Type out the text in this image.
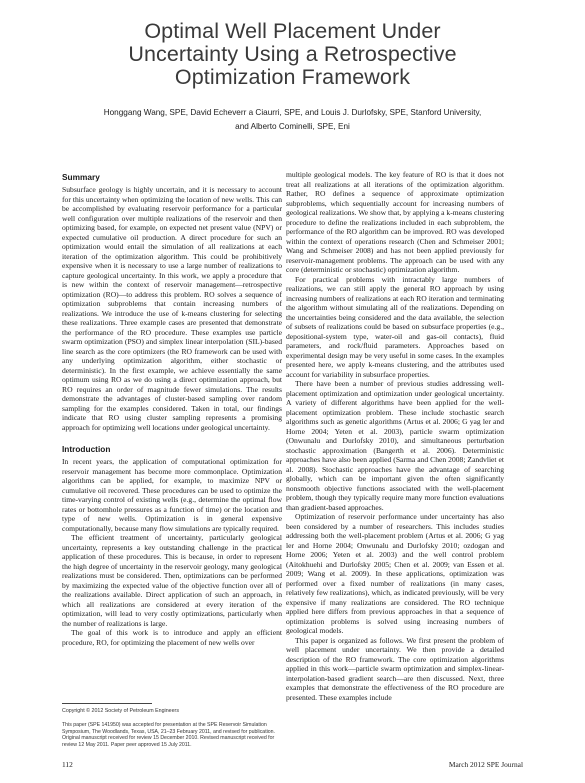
Optimal Well Placement Under
Uncertainty Using a Retrospective
Optimization Framework
Honggang Wang, SPE, David Echeverr a Ciaurri, SPE, and Louis J. Durlofsky, SPE, Stanford University,
and Alberto Cominelli, SPE, Eni
Summary

Subsurface geology is highly uncertain, and it is necessary to account for this uncertainty when optimizing the location of new wells. This can be accomplished by evaluating reservoir performance for a particular well configuration over multiple realizations of the reservoir and then optimizing based, for example, on expected net present value (NPV) or expected cumulative oil production. A direct procedure for such an optimization would entail the simulation of all realizations at each iteration of the optimization algorithm. This could be prohibitively expensive when it is necessary to use a large number of realizations to capture geological uncertainty. In this work, we apply a procedure that is new within the context of reservoir management—retrospective optimization (RO)—to address this problem. RO solves a sequence of optimization subproblems that contain increasing numbers of realizations. We introduce the use of k-means clustering for selecting these realizations. Three example cases are presented that demonstrate the performance of the RO procedure. These examples use particle swarm optimization (PSO) and simplex linear interpolation (SIL)-based line search as the core optimizers (the RO framework can be used with any underlying optimization algorithm, either stochastic or deterministic). In the first example, we achieve essentially the same optimum using RO as we do using a direct optimization approach, but RO requires an order of magnitude fewer simulations. The results demonstrate the advantages of cluster-based sampling over random sampling for the examples considered. Taken in total, our findings indicate that RO using cluster sampling represents a promising approach for optimizing well locations under geological uncertainty.

Introduction

In recent years, the application of computational optimization for reservoir management has become more commonplace. Optimization algorithms can be applied, for example, to maximize NPV or cumulative oil recovered. These procedures can be used to optimize the time-varying control of existing wells (e.g., determine the optimal flow rates or bottomhole pressures as a function of time) or the location and type of new wells. Optimization is in general expensive computationally, because many flow simulations are typically required.

The efficient treatment of uncertainty, particularly geological uncertainty, represents a key outstanding challenge in the practical application of these procedures. This is because, in order to represent the high degree of uncertainty in the reservoir geology, many geological realizations must be considered. Then, optimizations can be performed by maximizing the expected value of the objective function over all of the realizations available. Direct application of such an approach, in which all realizations are considered at every iteration of the optimization, will lead to very costly optimizations, particularly when the number of realizations is large.

The goal of this work is to introduce and apply an efficient procedure, RO, for optimizing the placement of new wells over

Copyright © 2012 Society of Petroleum Engineers
This paper (SPE 141950) was accepted for presentation at the SPE Reservoir Simulation Symposium, The Woodlands, Texas, USA, 21–23 February 2011, and revised for publication. Original manuscript received for review 15 December 2010. Revised manuscript received for review 12 May 2011. Paper peer approved 15 July 2011.

multiple geological models. The key feature of RO is that it does not treat all realizations at all iterations of the optimization algorithm. Rather, RO defines a sequence of approximate optimization subproblems, which sequentially account for increasing numbers of geological realizations. We show that, by applying a k-means clustering procedure to define the realizations included in each subproblem, the performance of the RO algorithm can be improved. RO was developed within the context of operations research (Chen and Schmeiser 2001; Wang and Schmeiser 2008) and has not been applied previously for reservoir-management problems. The approach can be used with any core (deterministic or stochastic) optimization algorithm.

For practical problems with intractably large numbers of realizations, we can still apply the general RO approach by using increasing numbers of realizations at each RO iteration and terminating the algorithm without simulating all of the realizations. Depending on the uncertainties being considered and the data available, the selection of subsets of realizations could be based on subsurface properties (e.g., depositional-system type, water-oil and gas-oil contacts), fluid parameters, and rock/fluid parameters. Approaches based on experimental design may be very useful in some cases. In the examples presented here, we apply k-means clustering, and the attributes used account for variability in subsurface properties.

There have been a number of previous studies addressing well-placement optimization and optimization under geological uncertainty. A variety of different algorithms have been applied for the well-placement optimization problem. These include stochastic search algorithms such as genetic algorithms (Artus et al. 2006; G yag ler and Horne 2004; Yeten et al. 2003), particle swarm optimization (Onwunalu and Durlofsky 2010), and simultaneous perturbation stochastic approximation (Bangerth et al. 2006). Deterministic approaches have also been applied (Sarma and Chen 2008; Zandvliet et al. 2008). Stochastic approaches have the advantage of searching globally, which can be important given the often significantly nonsmooth objective functions associated with the well-placement problem, though they typically require many more function evaluations than gradient-based approaches.

Optimization of reservoir performance under uncertainty has also been considered by a number of researchers. This includes studies addressing both the well-placement problem (Artus et al. 2006; G yag ler and Horne 2004; Onwunalu and Durlofsky 2010; ozdogan and Horne 2006; Yeten et al. 2003) and the well control problem (Aitokhuehi and Durlofsky 2005; Chen et al. 2009; van Essen et al. 2009; Wang et al. 2009). In these applications, optimization was performed over a fixed number of realizations (in many cases, relatively few realizations), which, as indicated previously, will be very expensive if many realizations are considered. The RO technique applied here differs from previous approaches in that a sequence of optimization problems is solved using increasing numbers of geological models.

This paper is organized as follows. We first present the problem of well placement under uncertainty. We then provide a detailed description of the RO framework. The core optimization algorithms applied in this work—particle swarm optimization and simplex-linear-interpolation-based gradient search—are then discussed. Next, three examples that demonstrate the effectiveness of the RO procedure are presented. These examples include

112	March 2012 SPE Journal
